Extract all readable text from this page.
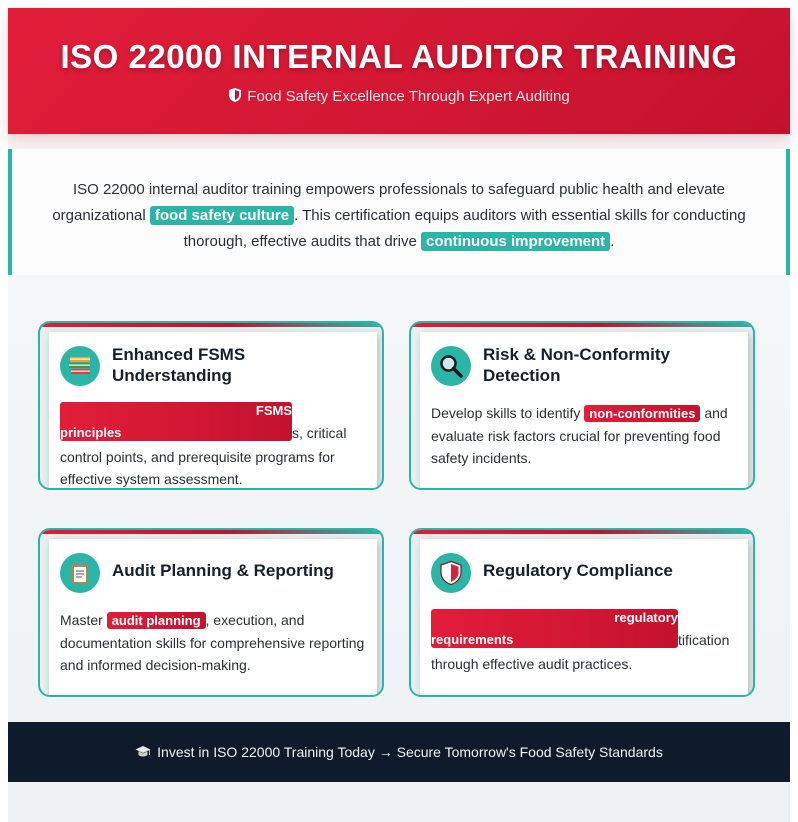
ISO 22000 INTERNAL AUDITOR TRAINING
Food Safety Excellence Through Expert Auditing
ISO 22000 internal auditor training empowers professionals to safeguard public health and elevate organizational food safety culture . This certification equips auditors with essential skills for conducting thorough, effective audits that drive continuous improvement .
Enhanced FSMS Understanding
FSMS
principles	s, critical
control points, and prerequisite programs for effective system assessment.
Risk & Non-Conformity Detection
Develop skills to identify non-conformities and evaluate risk factors crucial for preventing food safety incidents.
Audit Planning & Reporting
Master audit planning , execution, and documentation skills for comprehensive reporting and informed decision-making.
Regulatory Compliance
regulatory
requirements	tification
through effective audit practices.
Invest in ISO 22000 Training Today → Secure Tomorrow's Food Safety Standards
